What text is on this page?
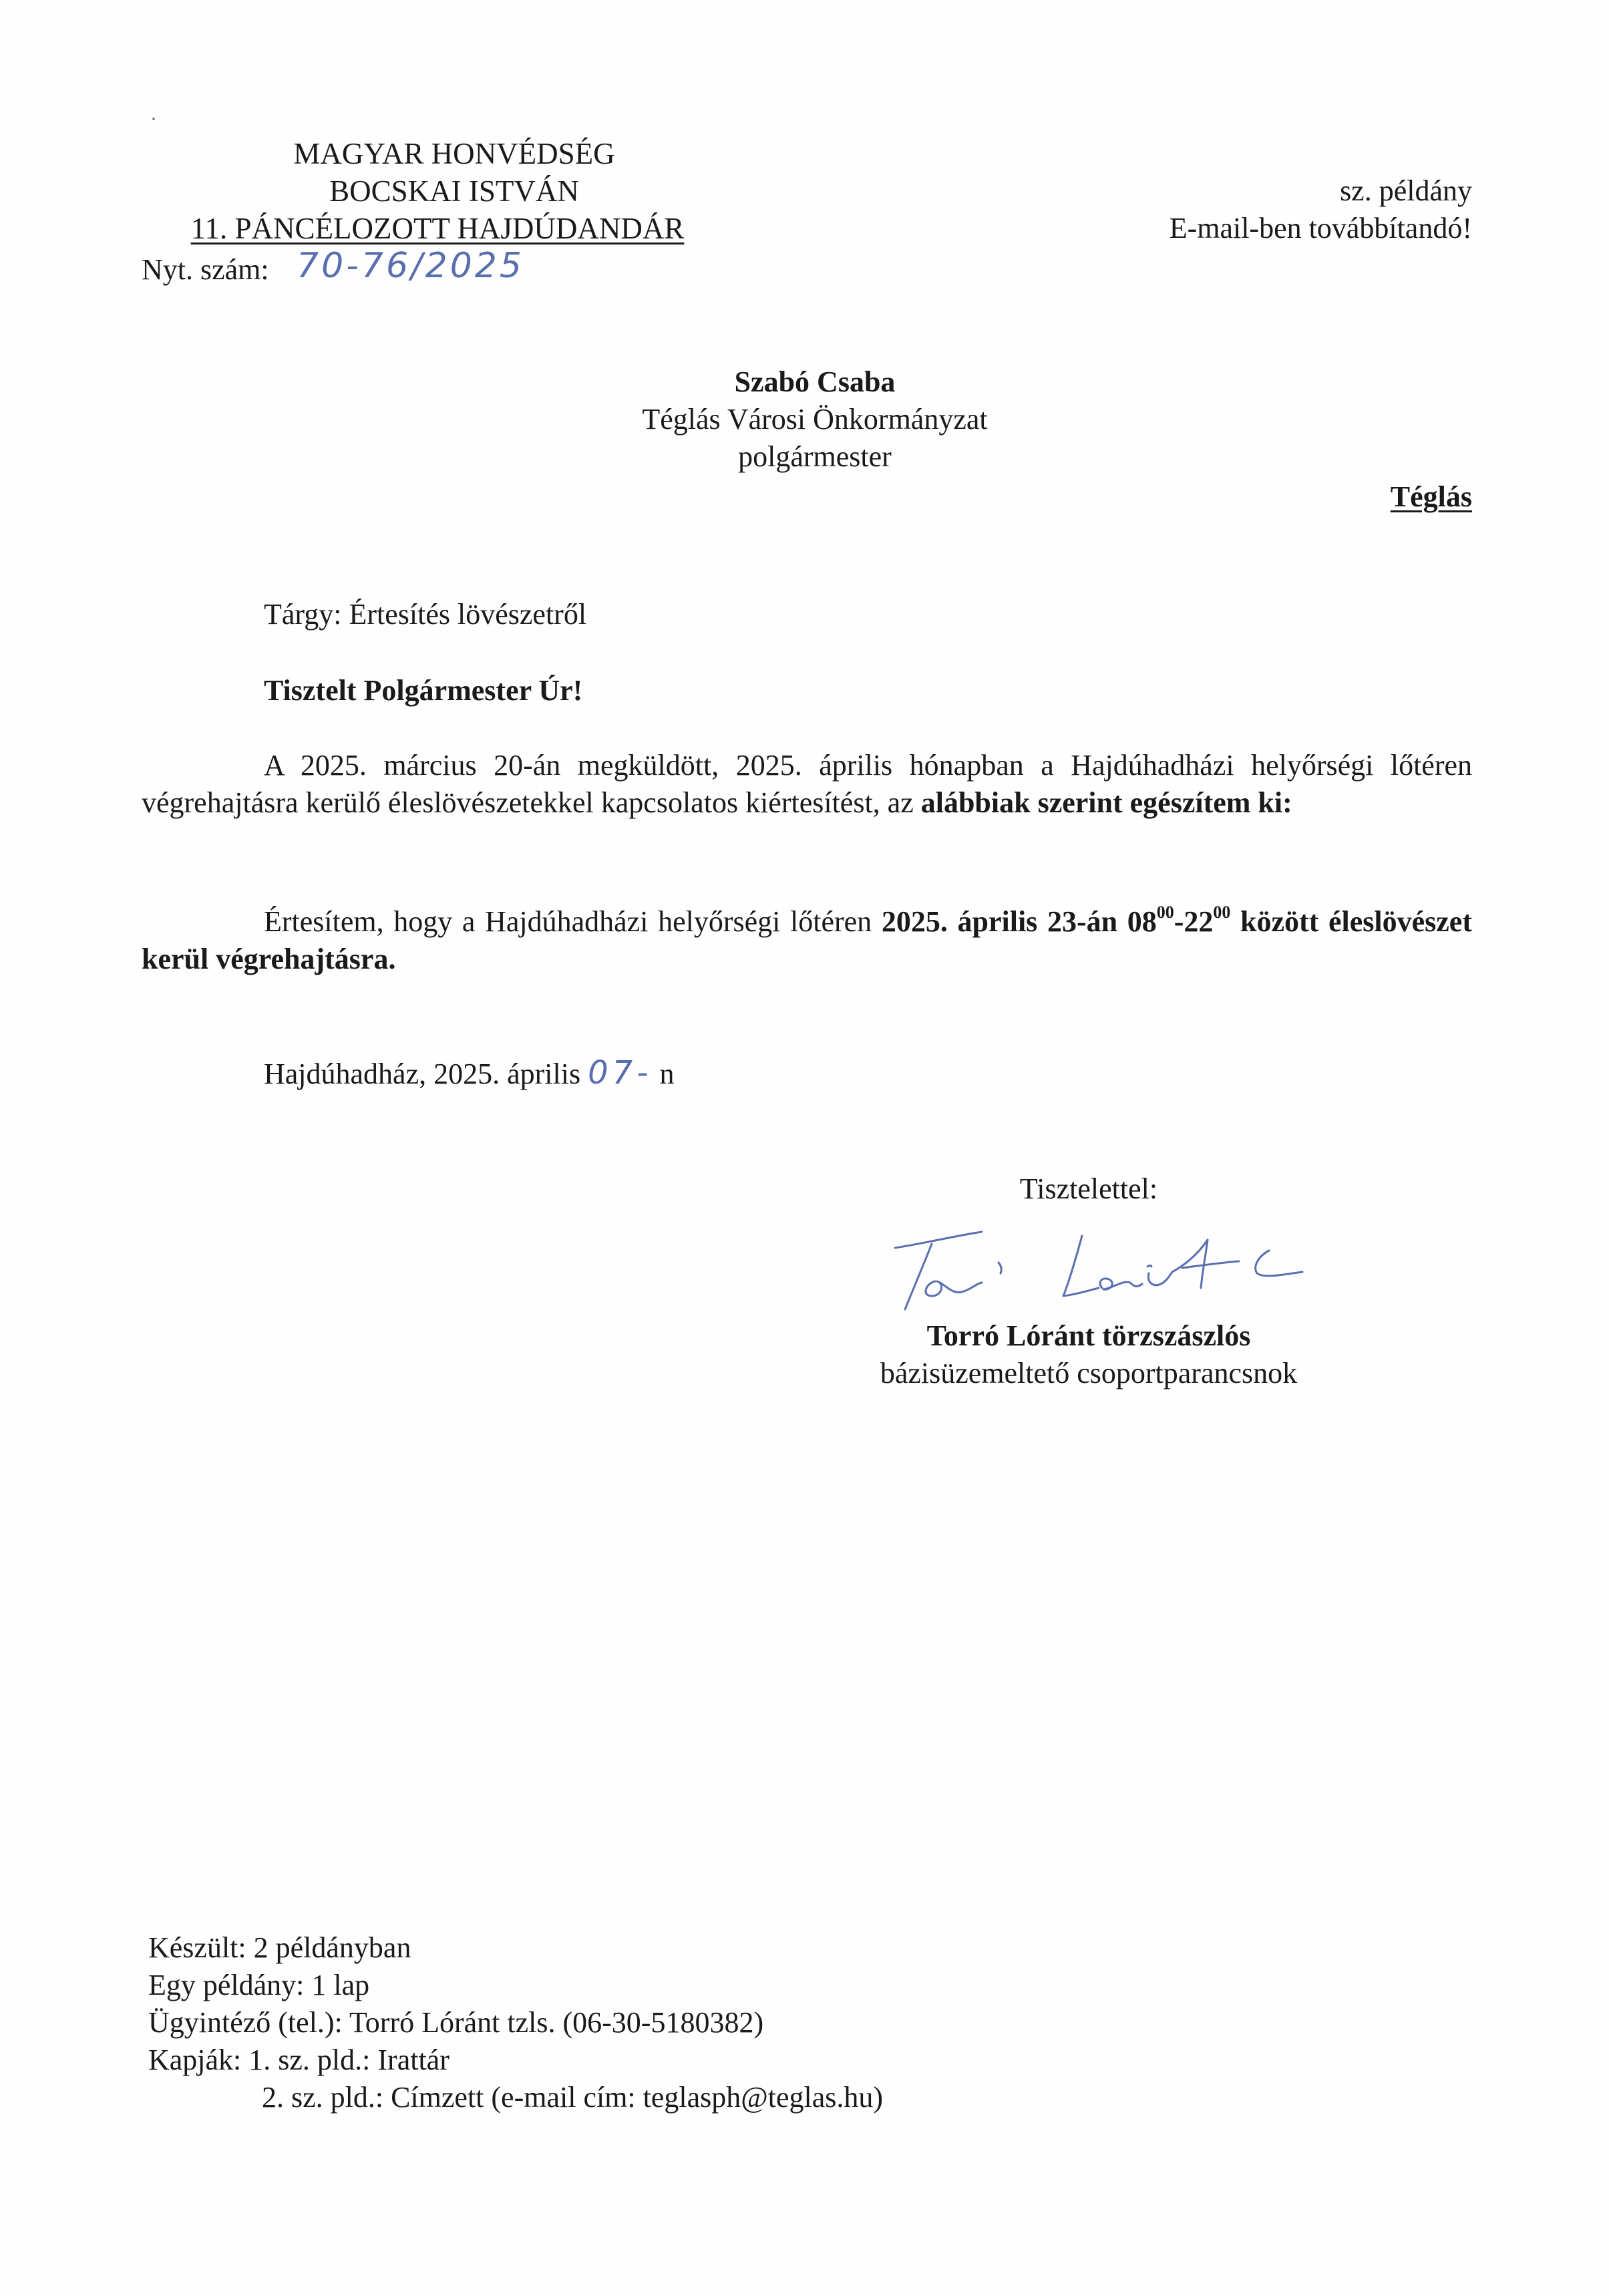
MAGYAR HONVÉDSÉG
BOCSKAI ISTVÁN
11. PÁNCÉLOZOTT HAJDÚDANDÁR
Nyt. szám: 70-76/2025
sz. példány
E-mail-ben továbbítandó!
Szabó Csaba
Téglás Városi Önkormányzat
polgármester
Téglás
Tárgy: Értesítés lövészetről
Tisztelt Polgármester Úr!
A 2025. március 20-án megküldött, 2025. április hónapban a Hajdúhadházi helyőrségi lőtéren végrehajtásra kerülő éleslövészetekkel kapcsolatos kiértesítést, az alábbiak szerint egészítem ki:
Értesítem, hogy a Hajdúhadházi helyőrségi lőtéren 2025. április 23-án $08^{00}-22^{00}$ között éleslövészet kerül végrehajtásra.
Hajdúhadház, 2025. április 07- n
Tisztelettel:
Torró Lóránt törzszászlós
bázisüzemeltető csoportparancsnok
Készült: 2 példányban
Egy példány: 1 lap
Ügyintéző (tel.): Torró Lóránt tzls. (06-30-5180382)
Kapják: 1. sz. pld.: Irattár
2. sz. pld.: Címzett (e-mail cím: teglasph@teglas.hu)
